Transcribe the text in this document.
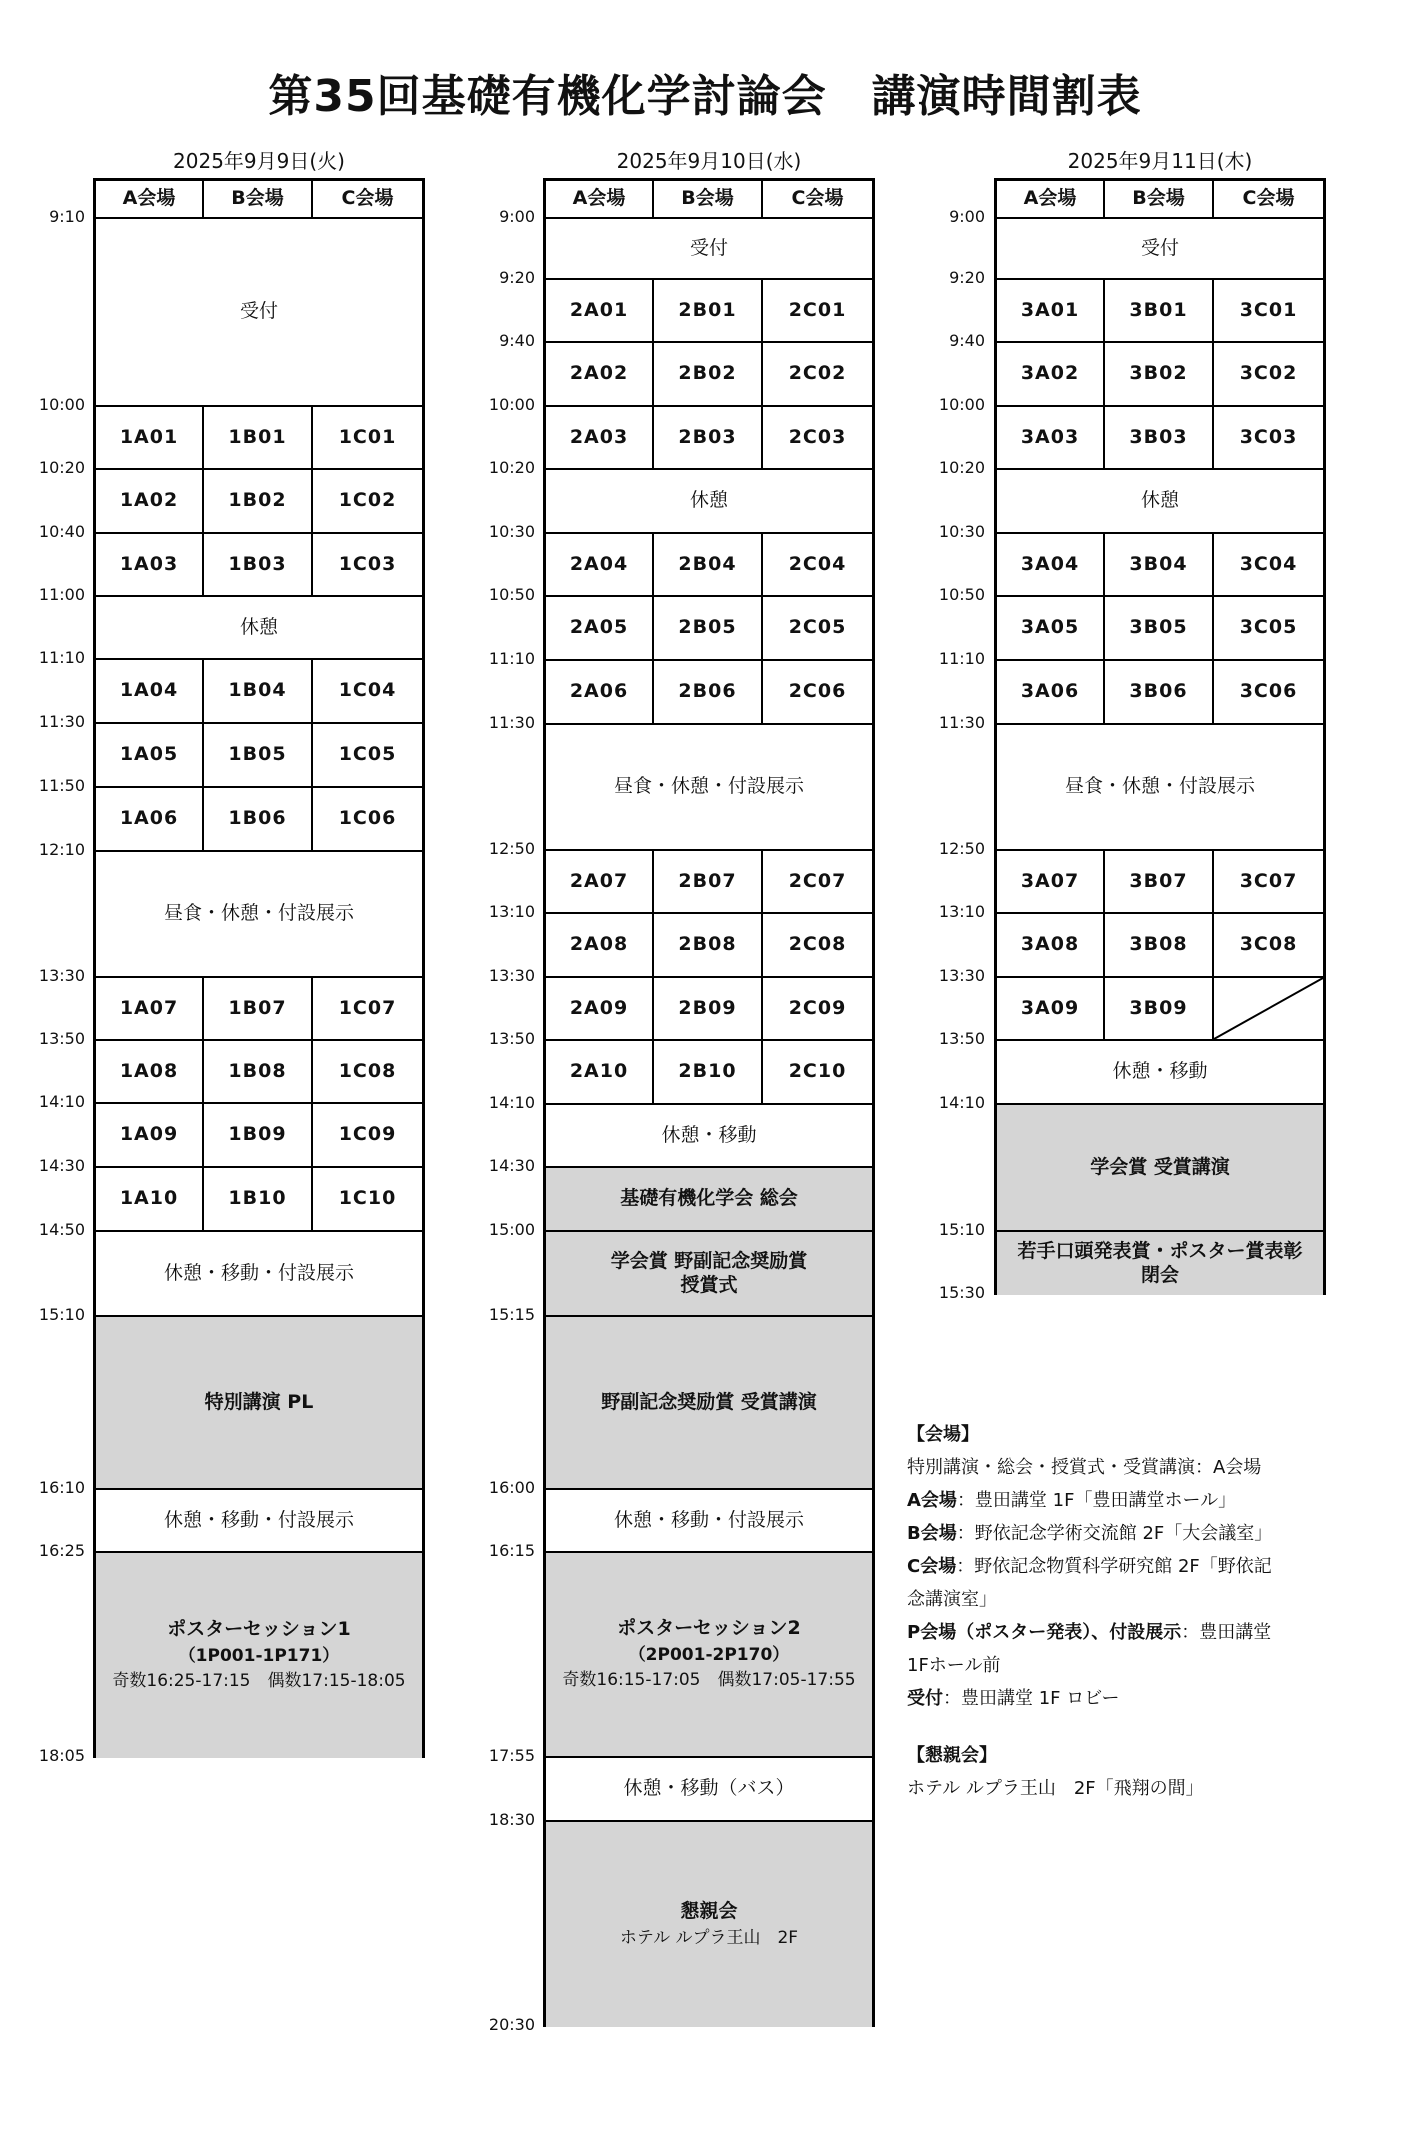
第35回基礎有機化学討論会　講演時間割表
2025年9月9日(火)
A会場	B会場	C会場
受付
1A01	1B01	1C01
1A02	1B02	1C02
1A03	1B03	1C03
休憩
1A04	1B04	1C04
1A05	1B05	1C05
1A06	1B06	1C06
昼食・休憩・付設展示
1A07	1B07	1C07
1A08	1B08	1C08
1A09	1B09	1C09
1A10	1B10	1C10
休憩・移動・付設展示
特別講演 PL
休憩・移動・付設展示
ポスターセッション1
（1P001-1P171）
奇数16:25-17:15　偶数17:15-18:05
9:10
10:00
10:20
10:40
11:00
11:10
11:30
11:50
12:10
13:30
13:50
14:10
14:30
14:50
15:10
16:10
16:25
18:05
2025年9月10日(水)
A会場	B会場	C会場
受付
2A01	2B01	2C01
2A02	2B02	2C02
2A03	2B03	2C03
休憩
2A04	2B04	2C04
2A05	2B05	2C05
2A06	2B06	2C06
昼食・休憩・付設展示
2A07	2B07	2C07
2A08	2B08	2C08
2A09	2B09	2C09
2A10	2B10	2C10
休憩・移動
基礎有機化学会 総会
学会賞 野副記念奨励賞
授賞式
野副記念奨励賞 受賞講演
休憩・移動・付設展示
ポスターセッション2
（2P001-2P170）
奇数16:15-17:05　偶数17:05-17:55
休憩・移動（バス）
懇親会
ホテル ルプラ王山　2F
9:00
9:20
9:40
10:00
10:20
10:30
10:50
11:10
11:30
12:50
13:10
13:30
13:50
14:10
14:30
15:00
15:15
16:00
16:15
17:55
18:30
20:30
2025年9月11日(木)
A会場	B会場	C会場
受付
3A01	3B01	3C01
3A02	3B02	3C02
3A03	3B03	3C03
休憩
3A04	3B04	3C04
3A05	3B05	3C05
3A06	3B06	3C06
昼食・休憩・付設展示
3A07	3B07	3C07
3A08	3B08	3C08
3A09	3B09
休憩・移動
学会賞 受賞講演
若手口頭発表賞・ポスター賞表彰
閉会
9:00
9:20
9:40
10:00
10:20
10:30
10:50
11:10
11:30
12:50
13:10
13:30
13:50
14:10
15:10
15:30
【会場】
特別講演・総会・授賞式・受賞講演：A会場
A会場：豊田講堂 1F「豊田講堂ホール」
B会場：野依記念学術交流館 2F「大会議室」
C会場：野依記念物質科学研究館 2F「野依記
念講演室」
P会場（ポスター発表）、付設展示：豊田講堂
1Fホール前
受付：豊田講堂 1F ロビー
【懇親会】
ホテル ルプラ王山　2F「飛翔の間」
